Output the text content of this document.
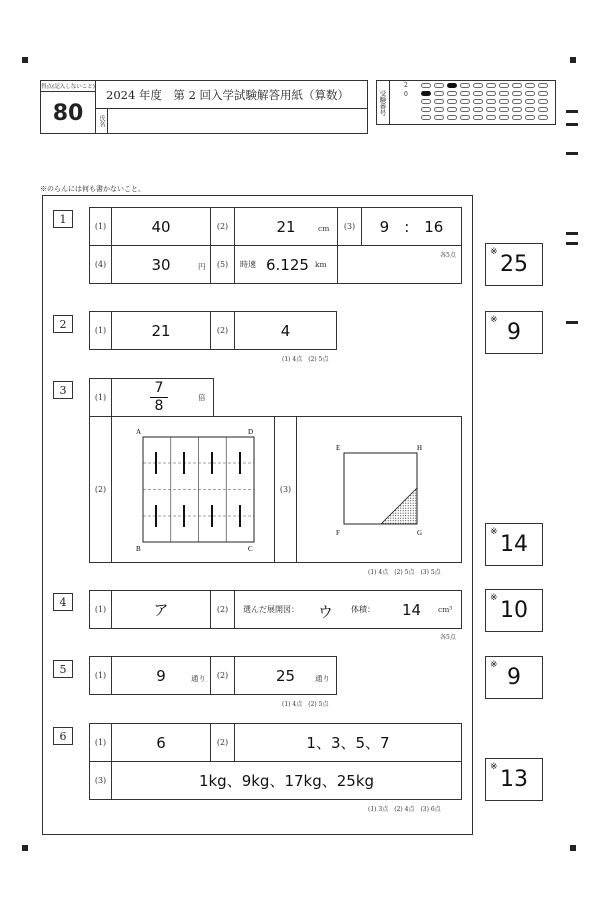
得点(記入しないこと)
80
2024 年度　第 2 回入学試験解答用紙（算数）
氏名
受験番号
2
0
※のらんには何も書かないこと。
1
(1)	40	(2)	21	cm	(3)	9　:　16
(4)	30	円	(5)	時速 6.125 km
各5点	※ 25
2	(1)	21	(2)	4
(1) 4点　(2) 5点
※ 9
3
(1)
7
8
倍
(2)
A	D
B	C
(3)
E	H
F	G
(1) 4点　(2) 5点　(3) 5点
※ 14
4
(1)	ア	(2)	選んだ展開図： ウ 体積： 14 cm³
各5点
※ 10
5	(1)	9	通り	(2)	25	通り
(1) 4点　(2) 5点
※ 9
6	(1)	6	(2)	1、3、5、7
(3)	1kg、9kg、17kg、25kg
(1) 3点　(2) 4点　(3) 6点
※ 13
